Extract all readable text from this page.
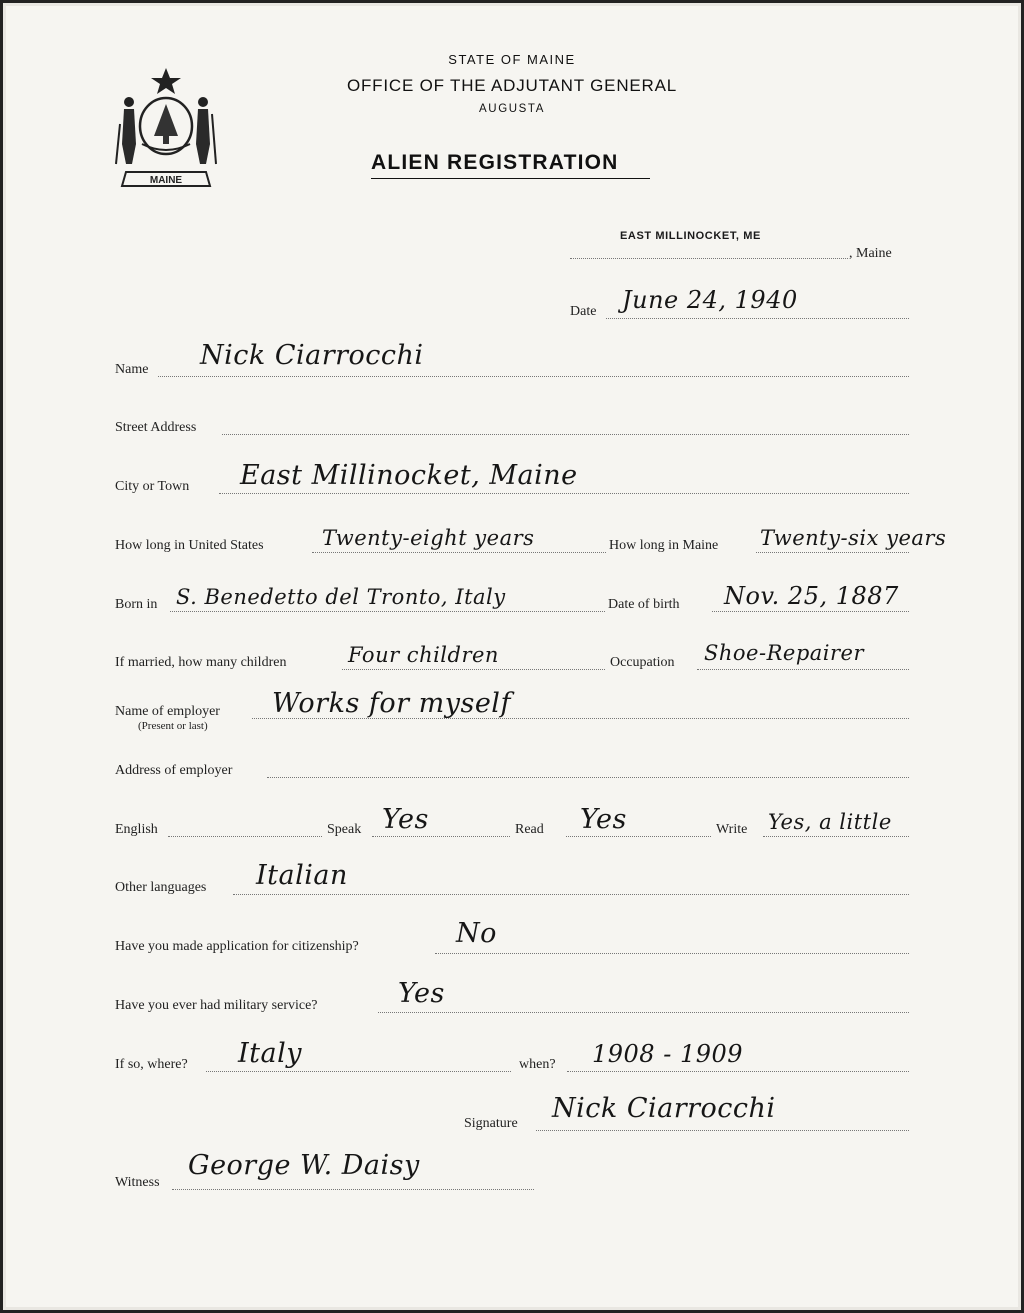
MAINE
STATE OF MAINE
OFFICE OF THE ADJUTANT GENERAL
AUGUSTA
ALIEN REGISTRATION
EAST MILLINOCKET, ME
, Maine
Date June 24, 1940
Name Nick Ciarrocchi
Street Address
City or Town East Millinocket, Maine
How long in United States	Twenty-eight years	How long in Maine Twenty-six years
Born in S. Benedetto del Tronto, Italy	Date of birth Nov. 25, 1887
If married, how many children	Four children	Occupation Shoe-Repairer
Name of employer
(Present or last)
Works for myself
Address of employer
English	Speak Yes	Read Yes	Write Yes, a little
Other languages Italian
Have you made application for citizenship?	No
Have you ever had military service?	Yes
If so, where? Italy	when? 1908 - 1909
Signature Nick Ciarrocchi
Witness
George W. Daisy
